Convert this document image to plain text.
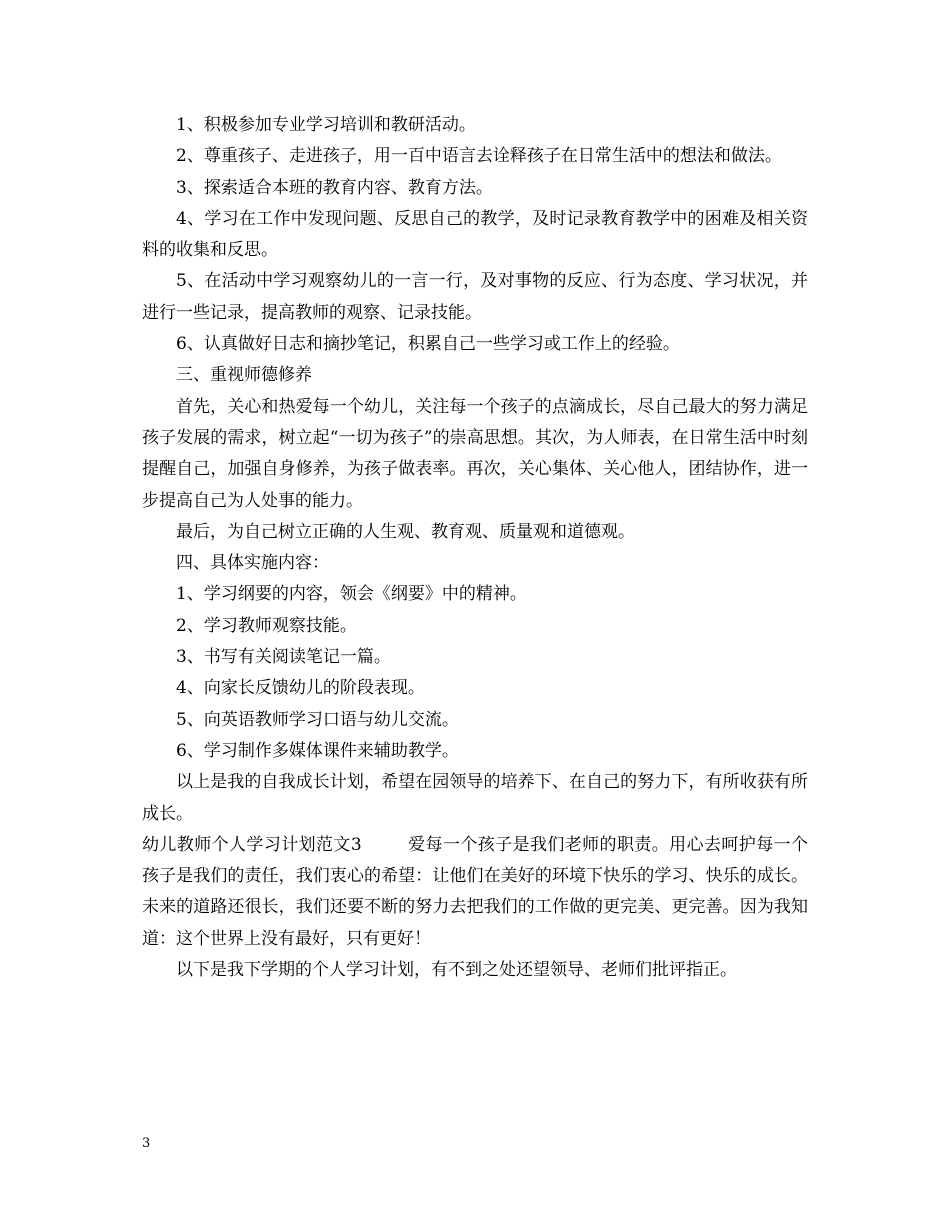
1、积极参加专业学习培训和教研活动。

2、尊重孩子、走进孩子，用一百中语言去诠释孩子在日常生活中的想法和做法。

3、探索适合本班的教育内容、教育方法。

4、学习在工作中发现问题、反思自己的教学，及时记录教育教学中的困难及相关资料的收集和反思。

5、在活动中学习观察幼儿的一言一行，及对事物的反应、行为态度、学习状况，并进行一些记录，提高教师的观察、记录技能。

6、认真做好日志和摘抄笔记，积累自己一些学习或工作上的经验。

三、重视师德修养

首先，关心和热爱每一个幼儿，关注每一个孩子的点滴成长，尽自己最大的努力满足孩子发展的需求，树立起“一切为孩子”的崇高思想。其次，为人师表，在日常生活中时刻提醒自己，加强自身修养，为孩子做表率。再次，关心集体、关心他人，团结协作，进一步提高自己为人处事的能力。

最后，为自己树立正确的人生观、教育观、质量观和道德观。

四、具体实施内容：

1、学习纲要的内容，领会《纲要》中的精神。

2、学习教师观察技能。

3、书写有关阅读笔记一篇。

4、向家长反馈幼儿的阶段表现。

5、向英语教师学习口语与幼儿交流。

6、学习制作多媒体课件来辅助教学。

以上是我的自我成长计划，希望在园领导的培养下、在自己的努力下，有所收获有所成长。

幼儿教师个人学习计划范文3	爱每一个孩子是我们老师的职责。用心去呵护每一个孩子是我们的责任，我们衷心的希望：让他们在美好的环境下快乐的学习、快乐的成长。未来的道路还很长，我们还要不断的努力去把我们的工作做的更完美、更完善。因为我知道：这个世界上没有最好，只有更好！

以下是我下学期的个人学习计划，有不到之处还望领导、老师们批评指正。

3
